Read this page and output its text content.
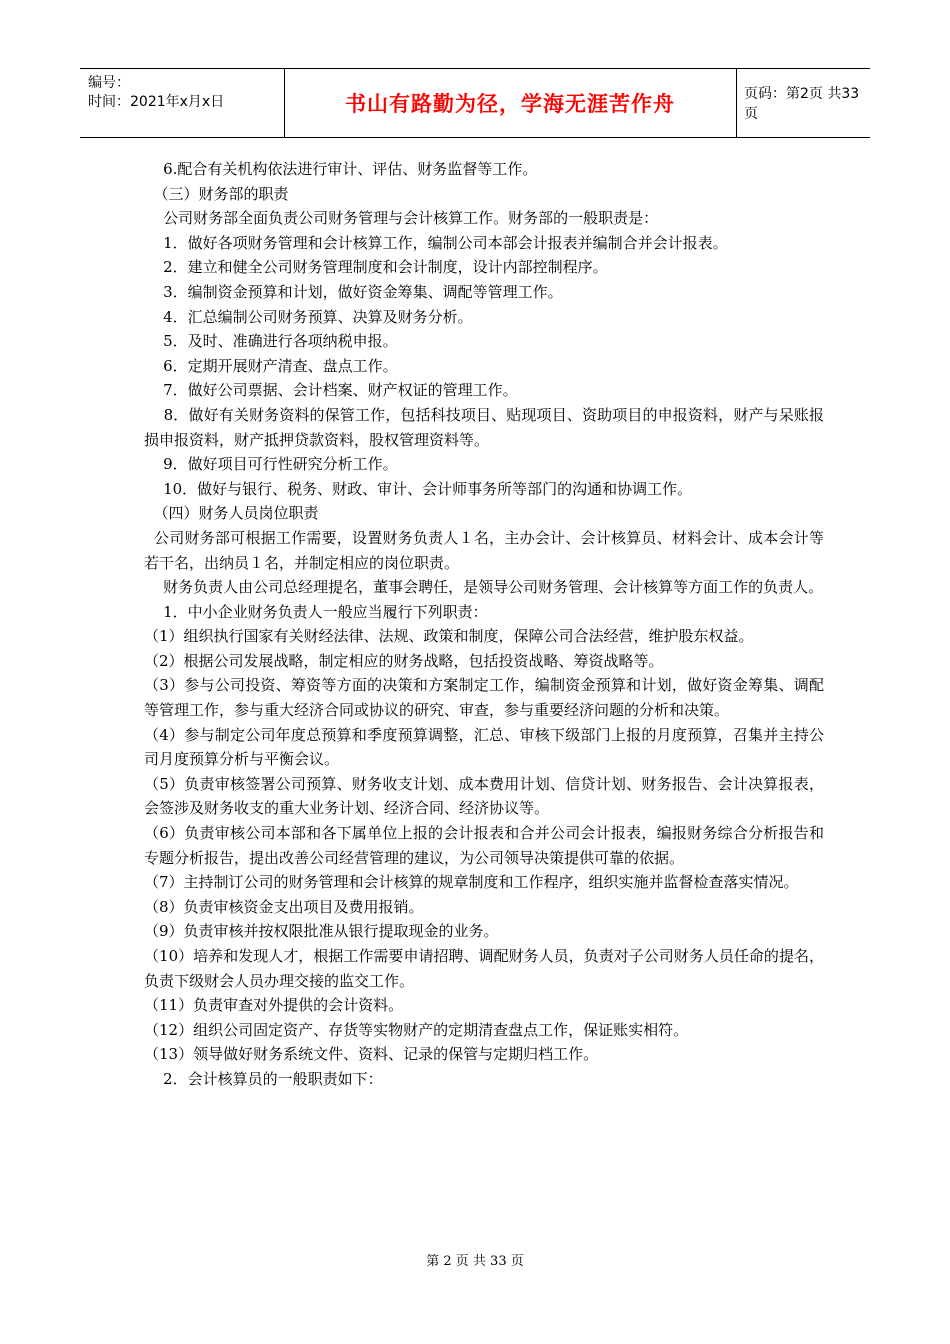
编号：
时间：2021年x月x日	书山有路勤为径，学海无涯苦作舟	页码：第2页 共33页

6.配合有关机构依法进行审计、评估、财务监督等工作。

（三）财务部的职责

公司财务部全面负责公司财务管理与会计核算工作。财务部的一般职责是：

1．做好各项财务管理和会计核算工作，编制公司本部会计报表并编制合并会计报表。

2．建立和健全公司财务管理制度和会计制度，设计内部控制程序。

3．编制资金预算和计划，做好资金筹集、调配等管理工作。

4．汇总编制公司财务预算、决算及财务分析。

5．及时、准确进行各项纳税申报。

6．定期开展财产清查、盘点工作。

7．做好公司票据、会计档案、财产权证的管理工作。

8．做好有关财务资料的保管工作，包括科技项目、贴现项目、资助项目的申报资料，财产与呆账报损申报资料，财产抵押贷款资料，股权管理资料等。

9．做好项目可行性研究分析工作。

10．做好与银行、税务、财政、审计、会计师事务所等部门的沟通和协调工作。

（四）财务人员岗位职责

公司财务部可根据工作需要，设置财务负责人１名，主办会计、会计核算员、材料会计、成本会计等若干名，出纳员１名，并制定相应的岗位职责。

财务负责人由公司总经理提名，董事会聘任，是领导公司财务管理、会计核算等方面工作的负责人。

1．中小企业财务负责人一般应当履行下列职责：

（1）组织执行国家有关财经法律、法规、政策和制度，保障公司合法经营，维护股东权益。

（2）根据公司发展战略，制定相应的财务战略，包括投资战略、筹资战略等。

（3）参与公司投资、筹资等方面的决策和方案制定工作，编制资金预算和计划，做好资金筹集、调配等管理工作，参与重大经济合同或协议的研究、审查，参与重要经济问题的分析和决策。

（4）参与制定公司年度总预算和季度预算调整，汇总、审核下级部门上报的月度预算，召集并主持公司月度预算分析与平衡会议。

（5）负责审核签署公司预算、财务收支计划、成本费用计划、信贷计划、财务报告、会计决算报表，会签涉及财务收支的重大业务计划、经济合同、经济协议等。

（6）负责审核公司本部和各下属单位上报的会计报表和合并公司会计报表，编报财务综合分析报告和专题分析报告，提出改善公司经营管理的建议，为公司领导决策提供可靠的依据。

（7）主持制订公司的财务管理和会计核算的规章制度和工作程序，组织实施并监督检查落实情况。

（8）负责审核资金支出项目及费用报销。

（9）负责审核并按权限批准从银行提取现金的业务。

（10）培养和发现人才，根据工作需要申请招聘、调配财务人员，负责对子公司财务人员任命的提名，负责下级财会人员办理交接的监交工作。

（11）负责审查对外提供的会计资料。

（12）组织公司固定资产、存货等实物财产的定期清查盘点工作，保证账实相符。

（13）领导做好财务系统文件、资料、记录的保管与定期归档工作。

2．会计核算员的一般职责如下：

第 2 页 共 33 页
